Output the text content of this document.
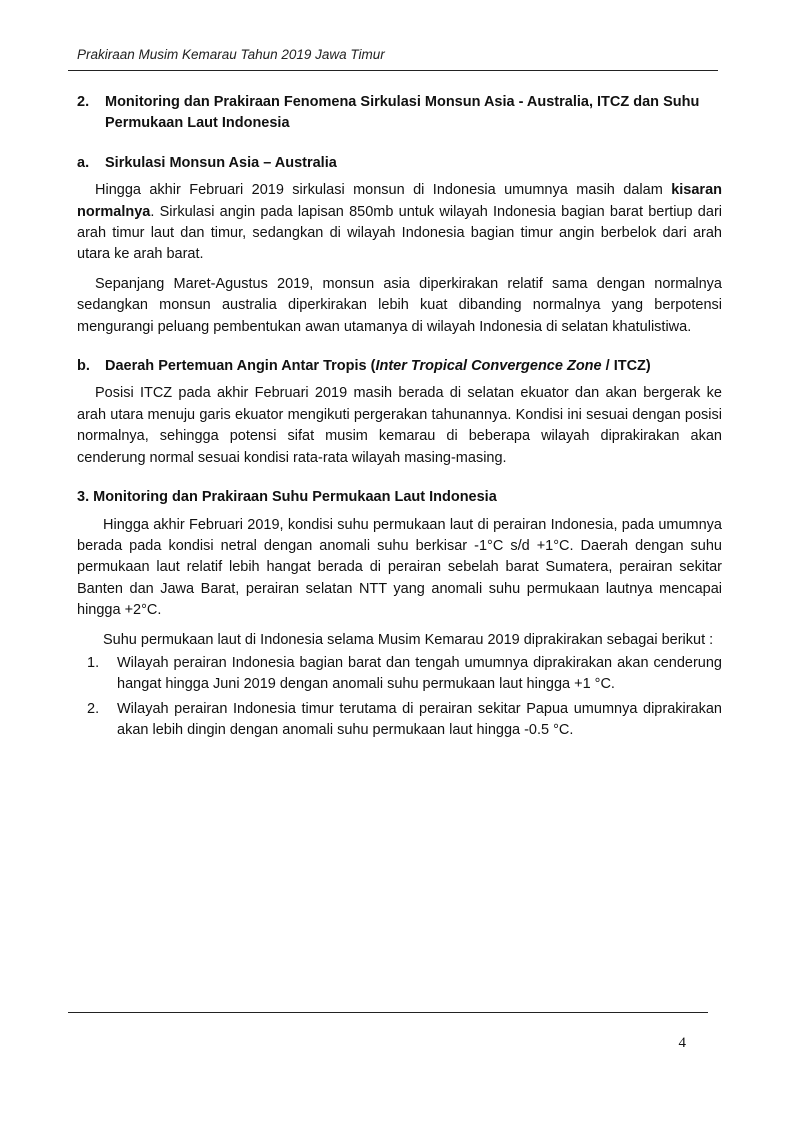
Prakiraan Musim Kemarau Tahun 2019 Jawa Timur
2.	Monitoring dan Prakiraan Fenomena Sirkulasi Monsun Asia - Australia, ITCZ dan Suhu Permukaan Laut Indonesia
a.	Sirkulasi Monsun Asia – Australia

Hingga akhir Februari 2019 sirkulasi monsun di Indonesia umumnya masih dalam kisaran normalnya. Sirkulasi angin pada lapisan 850mb untuk wilayah Indonesia bagian barat bertiup dari arah timur laut dan timur, sedangkan di wilayah Indonesia bagian timur angin berbelok dari arah utara ke arah barat.

Sepanjang Maret-Agustus 2019, monsun asia diperkirakan relatif sama dengan normalnya sedangkan monsun australia diperkirakan lebih kuat dibanding normalnya yang berpotensi mengurangi peluang pembentukan awan utamanya di wilayah Indonesia di selatan khatulistiwa.

b.	Daerah Pertemuan Angin Antar Tropis (Inter Tropical Convergence Zone / ITCZ)

Posisi ITCZ pada akhir Februari 2019 masih berada di selatan ekuator dan akan bergerak ke arah utara menuju garis ekuator mengikuti pergerakan tahunannya. Kondisi ini sesuai dengan posisi normalnya, sehingga potensi sifat musim kemarau di beberapa wilayah diprakirakan akan cenderung normal sesuai kondisi rata-rata wilayah masing-masing.

3. Monitoring dan Prakiraan Suhu Permukaan Laut Indonesia

Hingga akhir Februari 2019, kondisi suhu permukaan laut di perairan Indonesia, pada umumnya berada pada kondisi netral dengan anomali suhu berkisar -1°C s/d +1°C. Daerah dengan suhu permukaan laut relatif lebih hangat berada di perairan sebelah barat Sumatera, perairan sekitar Banten dan Jawa Barat, perairan selatan NTT yang anomali suhu permukaan lautnya mencapai hingga +2°C.

Suhu permukaan laut di Indonesia selama Musim Kemarau 2019 diprakirakan sebagai berikut :

1.	Wilayah perairan Indonesia bagian barat dan tengah umumnya diprakirakan akan cenderung hangat hingga Juni 2019 dengan anomali suhu permukaan laut hingga +1 °C.
2.	Wilayah perairan Indonesia timur terutama di perairan sekitar Papua umumnya diprakirakan akan lebih dingin dengan anomali suhu permukaan laut hingga -0.5 °C.
4
